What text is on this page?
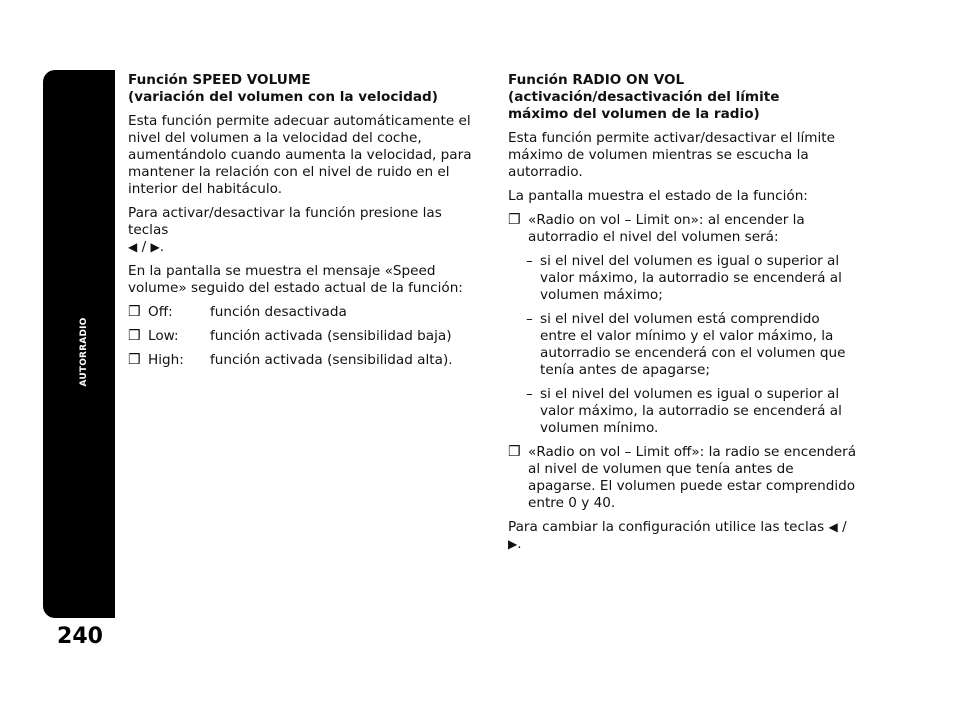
AUTORRADIO
240
Función SPEED VOLUME
(variación del volumen con la velocidad)

Esta función permite adecuar automáticamente el nivel del volumen a la velocidad del coche, aumentándolo cuando aumenta la velocidad, para mantener la relación con el nivel de ruido en el interior del habitáculo.

Para activar/desactivar la función presione las teclas
◀ / ▶.

En la pantalla se muestra el mensaje «Speed volume» seguido del estado actual de la función:

❒ Off:	función desactivada
❒ Low: función activada (sensibilidad baja)
❒ High: función activada (sensibilidad alta).
Función RADIO ON VOL
(activación/desactivación del límite
máximo del volumen de la radio)

Esta función permite activar/desactivar el límite máximo de volumen mientras se escucha la autorradio.

La pantalla muestra el estado de la función:

❒ «Radio on vol – Limit on»: al encender la autorradio el nivel del volumen será:
– si el nivel del volumen es igual o superior al valor máximo, la autorradio se encenderá al volumen máximo;
– si el nivel del volumen está comprendido entre el valor mínimo y el valor máximo, la autorradio se encenderá con el volumen que tenía antes de apagarse;
– si el nivel del volumen es igual o superior al valor máximo, la autorradio se encenderá al volumen mínimo.
❒ «Radio on vol – Limit off»: la radio se encenderá al nivel de volumen que tenía antes de apagarse. El volumen puede estar comprendido entre 0 y 40.

Para cambiar la configuración utilice las teclas ◀ / ▶.
